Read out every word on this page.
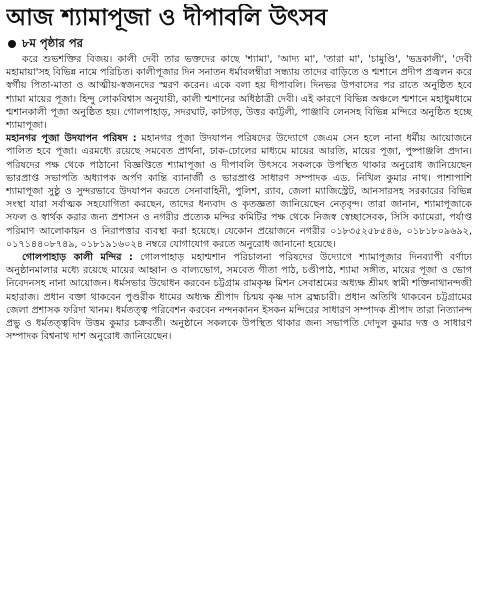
আজ শ্যামাপূজা ও দীপাবলি উৎসব
৮ম পৃষ্ঠার পর

করে শুভশক্তির বিজয়। কালী দেবী তার ভক্তদের কাছে 'শ্যামা', 'আদ্য মা', 'তারা মা', 'চামুণ্ডি', 'ভদ্রকালী', 'দেবী মহামায়া'সহ বিভিন্ন নামে পরিচিত। কালীপূজার দিন সনাতন ধর্মাবলম্বীরা সন্ধ্যায় তাদের বাড়িতে ও শ্মশানে প্রদীপ প্রজ্বলন করে স্বর্গীয় পিতা-মাতা ও আত্মীয়-স্বজনদের স্মরণ করেন। একে বলা হয় দীপাবলি। দিনভর উপবাসের পর রাতে অনুষ্ঠিত হবে শ্যামা মায়ের পূজা। হিন্দু লোকবিশ্বাস অনুযায়ী, কালী শ্মশানের অধিষ্ঠাত্রী দেবী। এই কারণে বিভিন্ন অঞ্চলে শ্মশানে মহাধুমধামে শ্মশানকালী পূজা অনুষ্ঠিত হয়। গোলপাহাড়, সদরঘাট, কাটগড়, উত্তর কাট্টলী, পাঞ্জাবি লেনসহ বিভিন্ন মন্দিরে অনুষ্ঠিত হচ্ছে শ্যামাপূজা।

মহানগর পূজা উদযাপন পরিষদ : মহানগর পূজা উদযাপন পরিষদের উদ্যোগে জেএম সেন হলে নানা ধর্মীয় আয়োজনে পালিত হবে পূজা। এরমধ্যে রয়েছে সমবেত প্রার্থনা, ঢাক-ঢোলের মাধ্যমে মায়ের আরতি, মায়ের পূজা, পুষ্পাঞ্জলি প্রদান। পরিষদের পক্ষ থেকে পাঠানো বিজ্ঞপ্তিতে শ্যামাপূজা ও দীপাবলি উৎসবে সকলকে উপস্থিত থাকার অনুরোধ জানিয়েছেন ভারপ্রাপ্ত সভাপতি অধ্যাপক অর্পণ কান্তি ব্যানার্জী ও ভারপ্রাপ্ত সাধারণ সম্পাদক এড. নিখিল কুমার নাথ। পাশাপাশি শ্যামাপূজা সুষ্ঠু ও সুন্দরভাবে উদযাপন করতে সেনাবাহিনী, পুলিশ, র‍্যাব, জেলা ম্যাজিস্ট্রেট, আনসারসহ সরকারের বিভিন্ন সংস্থা যারা সর্বাত্মক সহযোগিতা করছেন, তাদের ধন্যবাদ ও কৃতজ্ঞতা জানিয়েছেন নেতৃবৃন্দ। তারা জানান, শ্যামাপূজাকে সফল ও স্বার্থক করার জন্য প্রশাসন ও নগরীর প্রত্যেক মন্দির কমিটির পক্ষ থেকে নিজস্ব স্বেচ্ছাসেবক, সিসি ক্যামেরা, পর্যাপ্ত পরিমাণ আলোকায়ন ও নিরাপত্তার ব্যবস্থা করা হয়েছে। যেকোন প্রয়োজনে নগরীর ০১৮৩৫২৫৮৫৪৬, ০১৮১৮০৯৬৯২, ০১৭১৪৪০৮৭৪৯, ০১৮১৯১৬০২৪ নম্বরে যোগাযোগ করতে অনুরোধ জানানো হয়েছে।

গোলপাহাড় কালী মন্দির : গোলপাহাড় মহাশ্মশান পরিচালনা পরিষদের উদ্যোগে শ্যামাপূজার দিনব্যাপী বর্ণাঢ্য অনুষ্ঠানমালার মধ্যে রয়েছে মায়ের আহ্বান ও বাল্যভোগ, সমবেত গীতা পাঠ, চণ্ডীপাঠ, শ্যামা সঙ্গীত, মায়ের পূজা ও ভোগ নিবেদনসহ নানা আয়োজন। ধর্মসভার উদ্বোধন করবেন চট্টগ্রাম রামকৃষ্ণ মিশন সেবাশ্রমের অধ্যক্ষ শ্রীমৎ স্বামী শক্তিনাথানন্দজী মহারাজ। প্রধান বক্তা থাকবেন পুণ্ডরীক ধামের অধ্যক্ষ শ্রীপাদ চিন্ময় কৃষ্ণ দাস ব্রহ্মচারী। প্রধান অতিথি থাকবেন চট্টগ্রামের জেলা প্রশাসক ফরিদা খানম। ধর্মতত্ত্ব পরিবেশন করবেন নন্দনকানন ইসকন মন্দিরের সাধারণ সম্পাদক শ্রীপাদ তারা নিত্যানন্দ প্রভু ও ধর্মতত্ত্ববিদ উত্তম কুমার চক্রবর্তী। অনুষ্ঠানে সকলকে উপস্থিত থাকার জন্য সভাপতি দোদুল কুমার দত্ত ও সাধারণ সম্পাদক বিশ্বনাথ দাশ অনুরোধ জানিয়েছেন।
